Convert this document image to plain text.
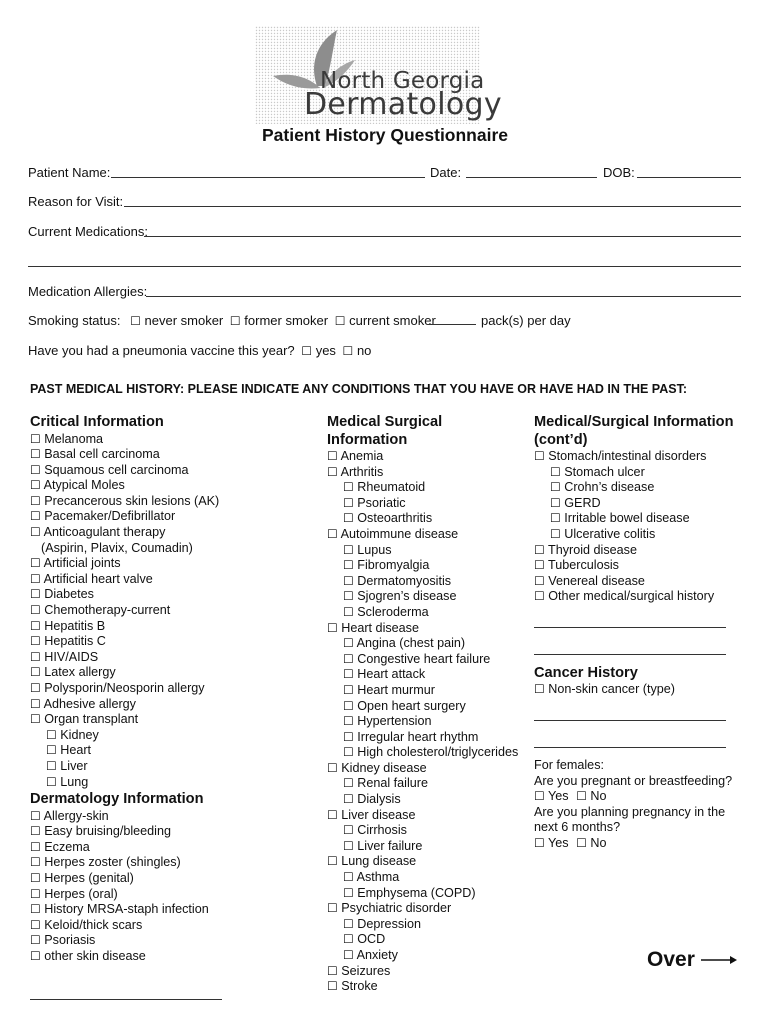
North Georgia
Dermatology
Patient History Questionnaire
Patient Name:	Date:	DOB:
Reason for Visit:
Current Medications:
Medication Allergies:
Smoking status: ☐ never smoker ☐ former smoker ☐ current smoker	pack(s) per day
Have you had a pneumonia vaccine this year? ☐ yes ☐ no
PAST MEDICAL HISTORY: PLEASE INDICATE ANY CONDITIONS THAT YOU HAVE OR HAVE HAD IN THE PAST:
Critical Information
☐ Melanoma
☐ Basal cell carcinoma
☐ Squamous cell carcinoma
☐ Atypical Moles
☐ Precancerous skin lesions (AK)
☐ Pacemaker/Defibrillator
☐ Anticoagulant therapy
(Aspirin, Plavix, Coumadin)
☐ Artificial joints
☐ Artificial heart valve
☐ Diabetes
☐ Chemotherapy-current
☐ Hepatitis B
☐ Hepatitis C
☐ HIV/AIDS
☐ Latex allergy
☐ Polysporin/Neosporin allergy
☐ Adhesive allergy
☐ Organ transplant
☐ Kidney
☐ Heart
☐ Liver
☐ Lung
Dermatology Information
☐ Allergy-skin
☐ Easy bruising/bleeding
☐ Eczema
☐ Herpes zoster (shingles)
☐ Herpes (genital)
☐ Herpes (oral)
☐ History MRSA-staph infection
☐ Keloid/thick scars
☐ Psoriasis
☐ other skin disease
Medical Surgical Information
☐ Anemia
☐ Arthritis
☐ Rheumatoid
☐ Psoriatic
☐ Osteoarthritis
☐ Autoimmune disease
☐ Lupus
☐ Fibromyalgia
☐ Dermatomyositis
☐ Sjogren’s disease
☐ Scleroderma
☐ Heart disease
☐ Angina (chest pain)
☐ Congestive heart failure
☐ Heart attack
☐ Heart murmur
☐ Open heart surgery
☐ Hypertension
☐ Irregular heart rhythm
☐ High cholesterol/triglycerides
☐ Kidney disease
☐ Renal failure
☐ Dialysis
☐ Liver disease
☐ Cirrhosis
☐ Liver failure
☐ Lung disease
☐ Asthma
☐ Emphysema (COPD)
☐ Psychiatric disorder
☐ Depression
☐ OCD
☐ Anxiety
☐ Seizures
☐ Stroke
Medical/Surgical Information (cont’d)
☐ Stomach/intestinal disorders
☐ Stomach ulcer
☐ Crohn’s disease
☐ GERD
☐ Irritable bowel disease
☐ Ulcerative colitis
☐ Thyroid disease
☐ Tuberculosis
☐ Venereal disease
☐ Other medical/surgical history
Cancer History
☐ Non-skin cancer (type)
For females:
Are you pregnant or breastfeeding?
☐ Yes ☐ No
Are you planning pregnancy in the
next 6 months?
☐ Yes ☐ No
Over
